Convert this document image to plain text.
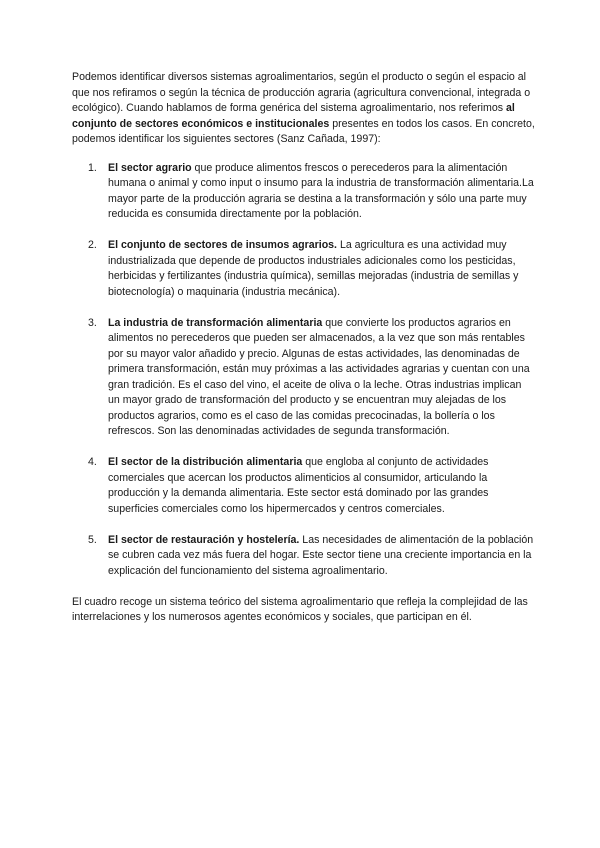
Podemos identificar diversos sistemas agroalimentarios, según el producto o según el espacio al que nos refiramos o según la técnica de producción agraria (agricultura convencional, integrada o ecológico). Cuando hablamos de forma genérica del sistema agroalimentario, nos referimos al conjunto de sectores económicos e institucionales presentes en todos los casos. En concreto, podemos identificar los siguientes sectores (Sanz Cañada, 1997):

1. El sector agrario que produce alimentos frescos o perecederos para la alimentación humana o animal y como input o insumo para la industria de transformación alimentaria.La mayor parte de la producción agraria se destina a la transformación y sólo una parte muy reducida es consumida directamente por la población.
2. El conjunto de sectores de insumos agrarios. La agricultura es una actividad muy industrializada que depende de productos industriales adicionales como los pesticidas, herbicidas y fertilizantes (industria química), semillas mejoradas (industria de semillas y biotecnología) o maquinaria (industria mecánica).
3. La industria de transformación alimentaria que convierte los productos agrarios en alimentos no perecederos que pueden ser almacenados, a la vez que son más rentables por su mayor valor añadido y precio. Algunas de estas actividades, las denominadas de primera transformación, están muy próximas a las actividades agrarias y cuentan con una gran tradición. Es el caso del vino, el aceite de oliva o la leche. Otras industrias implican un mayor grado de transformación del producto y se encuentran muy alejadas de los productos agrarios, como es el caso de las comidas precocinadas, la bollería o los refrescos. Son las denominadas actividades de segunda transformación.
4. El sector de la distribución alimentaria que engloba al conjunto de actividades comerciales que acercan los productos alimenticios al consumidor, articulando la producción y la demanda alimentaria. Este sector está dominado por las grandes superficies comerciales como los hipermercados y centros comerciales.
5. El sector de restauración y hostelería. Las necesidades de alimentación de la población se cubren cada vez más fuera del hogar. Este sector tiene una creciente importancia en la explicación del funcionamiento del sistema agroalimentario.

El cuadro recoge un sistema teórico del sistema agroalimentario que refleja la complejidad de las interrelaciones y los numerosos agentes económicos y sociales, que participan en él.
